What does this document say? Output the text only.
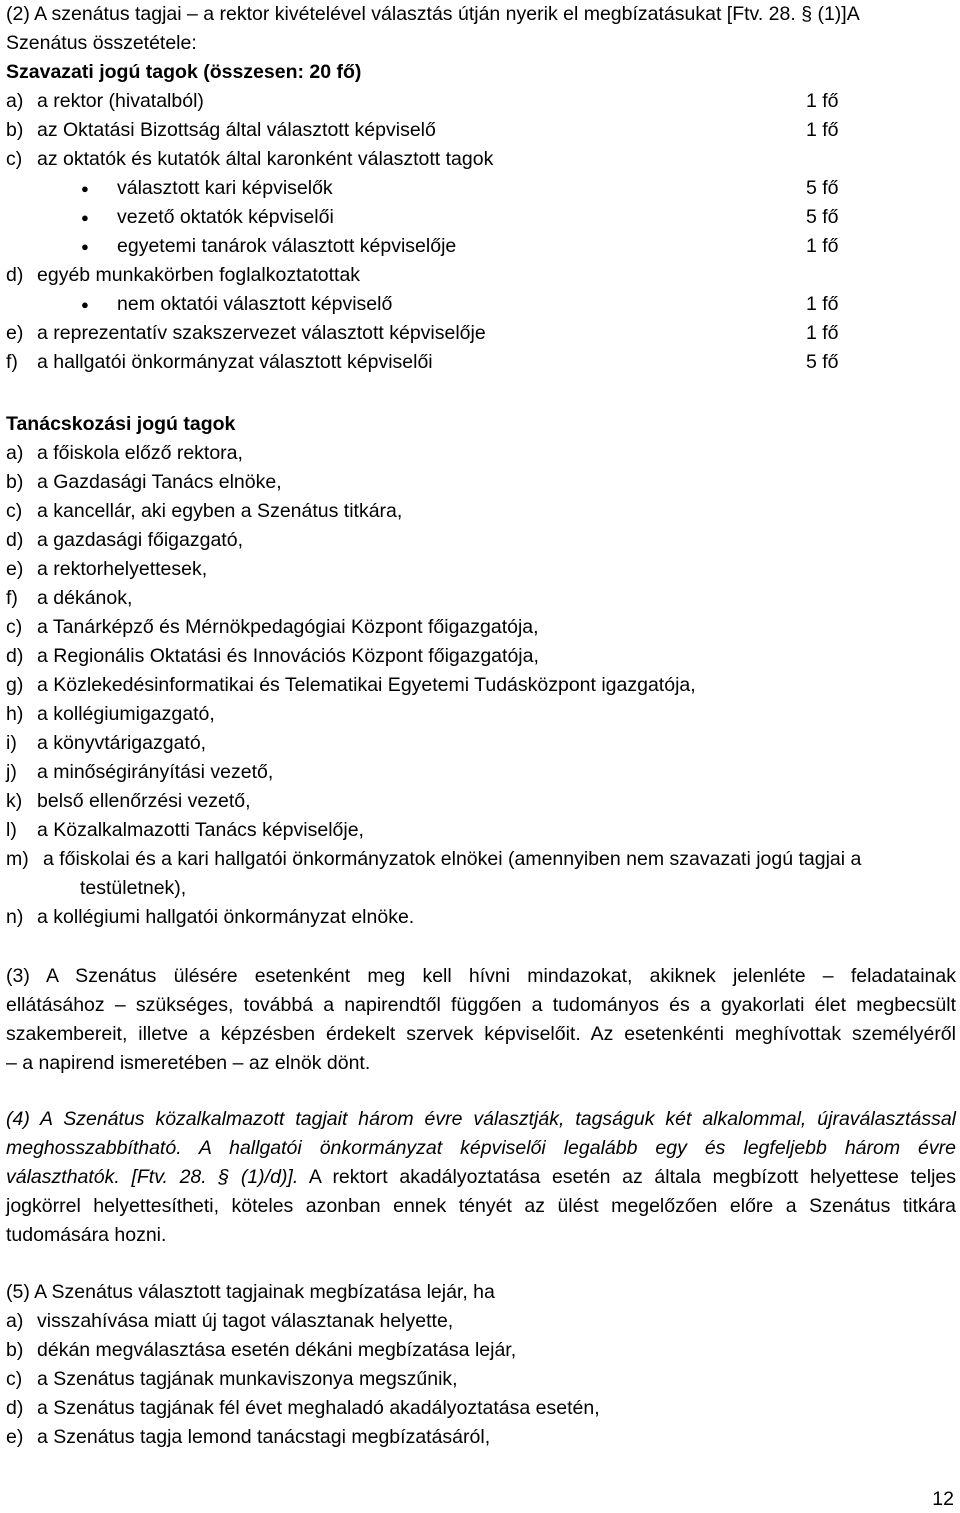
(2) A szenátus tagjai – a rektor kivételével választás útján nyerik el megbízatásukat [Ftv. 28. § (1)]A
Szenátus összetétele:
Szavazati jogú tagok (összesen: 20 fő)
a) a rektor (hivatalból)	1 fő
b) az Oktatási Bizottság által választott képviselő	1 fő
c) az oktatók és kutatók által karonként választott tagok
● választott kari képviselők	5 fő
● vezető oktatók képviselői	5 fő
● egyetemi tanárok választott képviselője	1 fő
d) egyéb munkakörben foglalkoztatottak
● nem oktatói választott képviselő	1 fő
e) a reprezentatív szakszervezet választott képviselője	1 fő
f) a hallgatói önkormányzat választott képviselői	5 fő
Tanácskozási jogú tagok
a) a főiskola előző rektora,
b) a Gazdasági Tanács elnöke,
c) a kancellár, aki egyben a Szenátus titkára,
d) a gazdasági főigazgató,
e) a rektorhelyettesek,
f) a dékánok,
c) a Tanárképző és Mérnökpedagógiai Központ főigazgatója,
d) a Regionális Oktatási és Innovációs Központ főigazgatója,
g) a Közlekedésinformatikai és Telematikai Egyetemi Tudásközpont igazgatója,
h) a kollégiumigazgató,
i) a könyvtárigazgató,
j) a minőségirányítási vezető,
k) belső ellenőrzési vezető,
l) a Közalkalmazotti Tanács képviselője,
m) a főiskolai és a kari hallgatói önkormányzatok elnökei (amennyiben nem szavazati jogú tagjai a
testületnek),
n) a kollégiumi hallgatói önkormányzat elnöke.
(3) A Szenátus ülésére esetenként meg kell hívni mindazokat, akiknek jelenléte – feladatainak
ellátásához – szükséges, továbbá a napirendtől függően a tudományos és a gyakorlati élet megbecsült
szakembereit, illetve a képzésben érdekelt szervek képviselőit. Az esetenkénti meghívottak személyéről
– a napirend ismeretében – az elnök dönt.
(4) A Szenátus közalkalmazott tagjait három évre választják, tagságuk két alkalommal, újraválasztással
meghosszabbítható. A hallgatói önkormányzat képviselői legalább egy és legfeljebb három évre
választhatók. [Ftv. 28. § (1)/d)]. A rektort akadályoztatása esetén az általa megbízott helyettese teljes
jogkörrel helyettesítheti, köteles azonban ennek tényét az ülést megelőzően előre a Szenátus titkára
tudomására hozni.
(5) A Szenátus választott tagjainak megbízatása lejár, ha
a) visszahívása miatt új tagot választanak helyette,
b) dékán megválasztása esetén dékáni megbízatása lejár,
c) a Szenátus tagjának munkaviszonya megszűnik,
d) a Szenátus tagjának fél évet meghaladó akadályoztatása esetén,
e) a Szenátus tagja lemond tanácstagi megbízatásáról,
12
